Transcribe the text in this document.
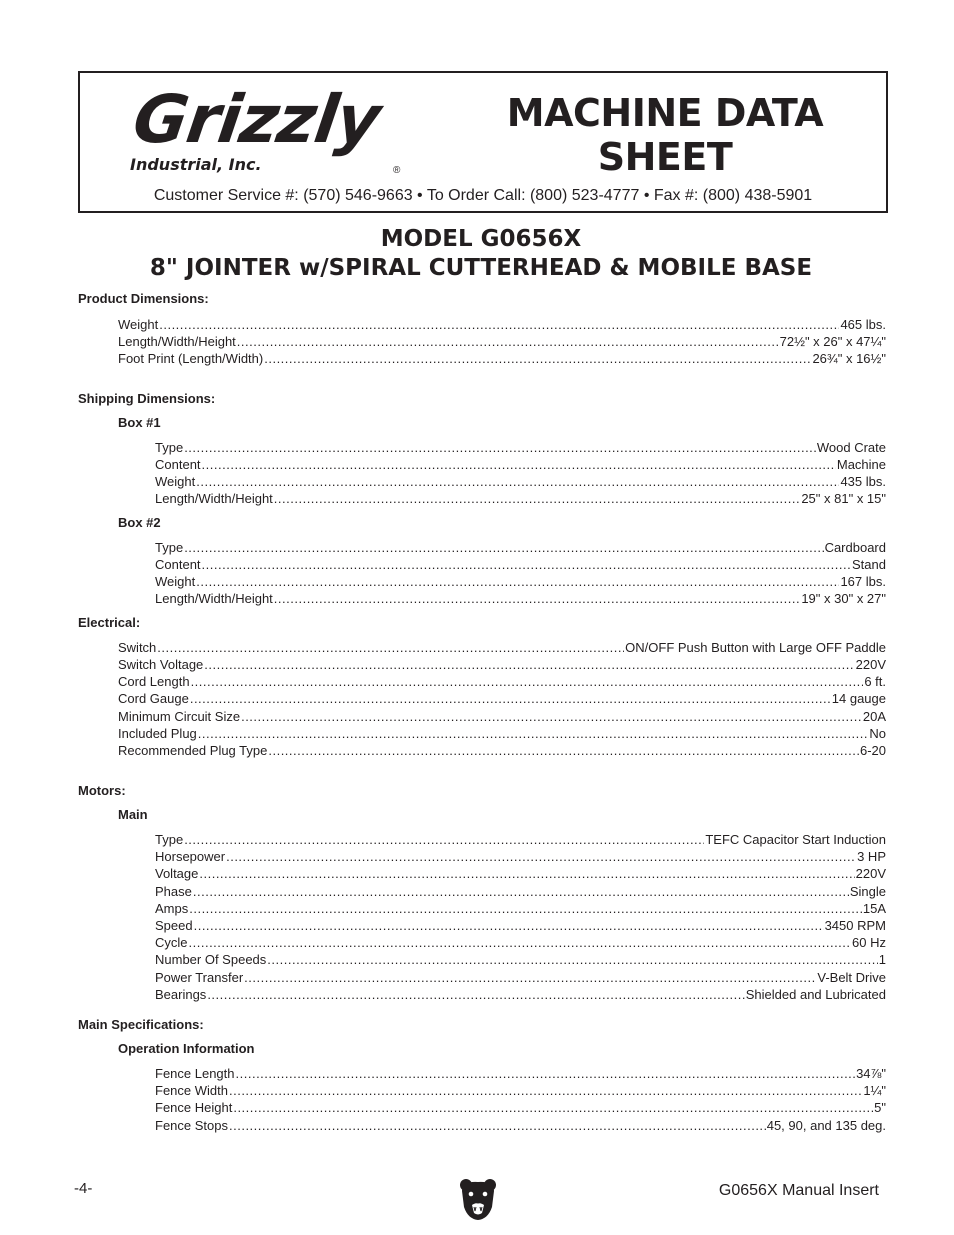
Grizzly
Industrial, Inc.	®
MACHINE DATA
SHEET
Customer Service #: (570) 546-9663 • To Order Call: (800) 523-4777 • Fax #: (800) 438-5901
MODEL G0656X
8" JOINTER w/SPIRAL CUTTERHEAD & MOBILE BASE
Product Dimensions:
Weight .....	465 lbs.
Length/Width/Height .....	72½" x 26" x 47¼"
Foot Print (Length/Width) .....	26¾" x 16½"
Shipping Dimensions:
Box #1
Type .....	Wood Crate
Content .....	Machine
Weight .....	435 lbs.
Length/Width/Height .....	25" x 81" x 15"
Box #2
Type .....	Cardboard
Content .....	Stand
Weight .....	167 lbs.
Length/Width/Height .....	19" x 30" x 27"
Electrical:
Switch .....	ON/OFF Push Button with Large OFF Paddle
Switch Voltage .....	220V
Cord Length .....	6 ft.
Cord Gauge .....	14 gauge
Minimum Circuit Size .....	20A
Included Plug .....	No
Recommended Plug Type .....	6-20
Motors:
Main
Type .....	TEFC Capacitor Start Induction
Horsepower .....	3 HP
Voltage .....	220V
Phase .....	Single
Amps .....	15A
Speed .....	3450 RPM
Cycle .....	60 Hz
Number Of Speeds .....	1
Power Transfer .....	V-Belt Drive
Bearings .....	Shielded and Lubricated
Main Specifications:
Operation Information
Fence Length .....	34⅞"
Fence Width .....	1¼"
Fence Height .....	5"
Fence Stops .....	45, 90, and 135 deg.
-4-	G0656X Manual Insert
